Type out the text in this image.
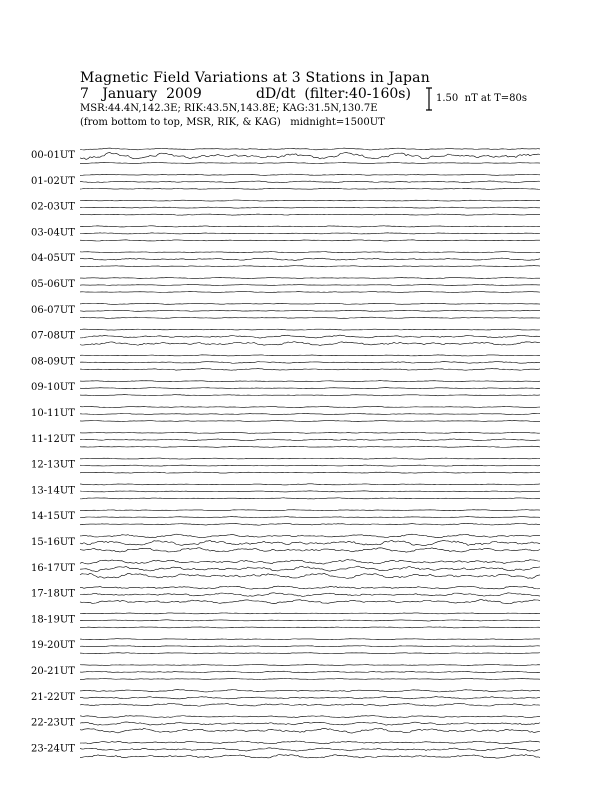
Magnetic Field Variations at 3 Stations in Japan
7   January  2009	dD/dt  (filter:40-160s)
MSR:44.4N,142.3E; RIK:43.5N,143.8E; KAG:31.5N,130.7E
(from bottom to top, MSR, RIK, & KAG)   midnight=1500UT
1.50  nT at T=80s
00-01UT
01-02UT
02-03UT
03-04UT
04-05UT
05-06UT
06-07UT
07-08UT
08-09UT
09-10UT
10-11UT
11-12UT
12-13UT
13-14UT
14-15UT
15-16UT
16-17UT
17-18UT
18-19UT
19-20UT
20-21UT
21-22UT
22-23UT
23-24UT
